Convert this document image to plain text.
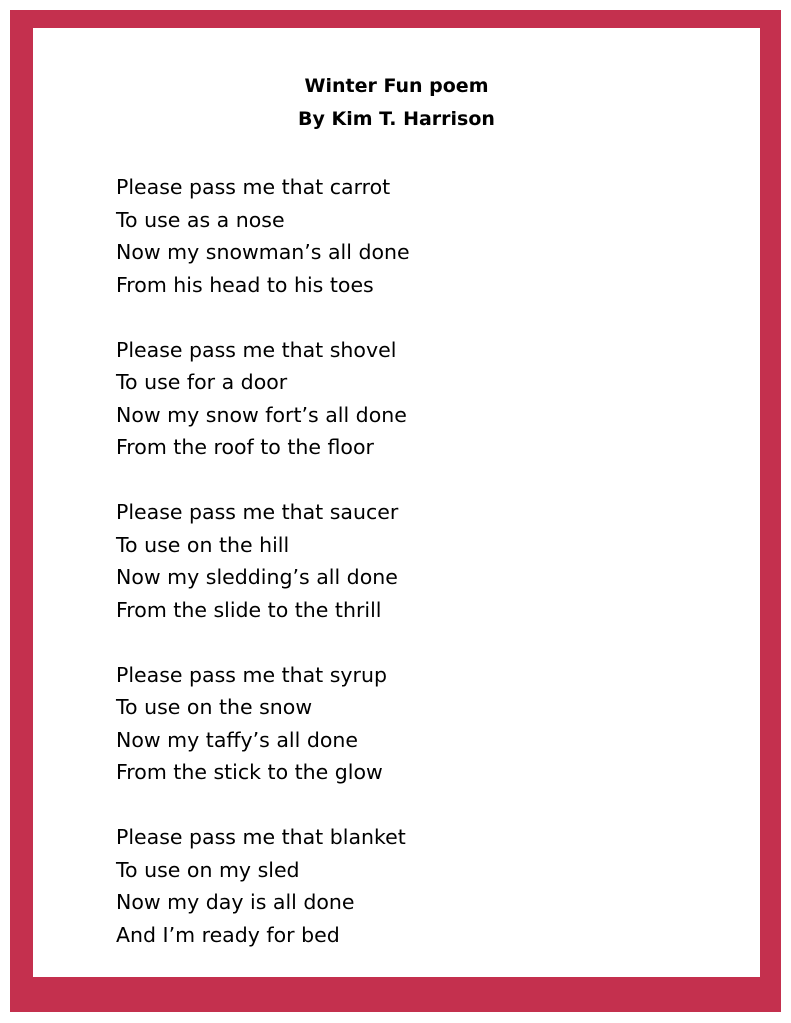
Winter Fun poem
By Kim T. Harrison
Please pass me that carrot
To use as a nose
Now my snowman’s all done
From his head to his toes
Please pass me that shovel
To use for a door
Now my snow fort’s all done
From the roof to the floor
Please pass me that saucer
To use on the hill
Now my sledding’s all done
From the slide to the thrill
Please pass me that syrup
To use on the snow
Now my taffy’s all done
From the stick to the glow
Please pass me that blanket
To use on my sled
Now my day is all done
And I’m ready for bed
